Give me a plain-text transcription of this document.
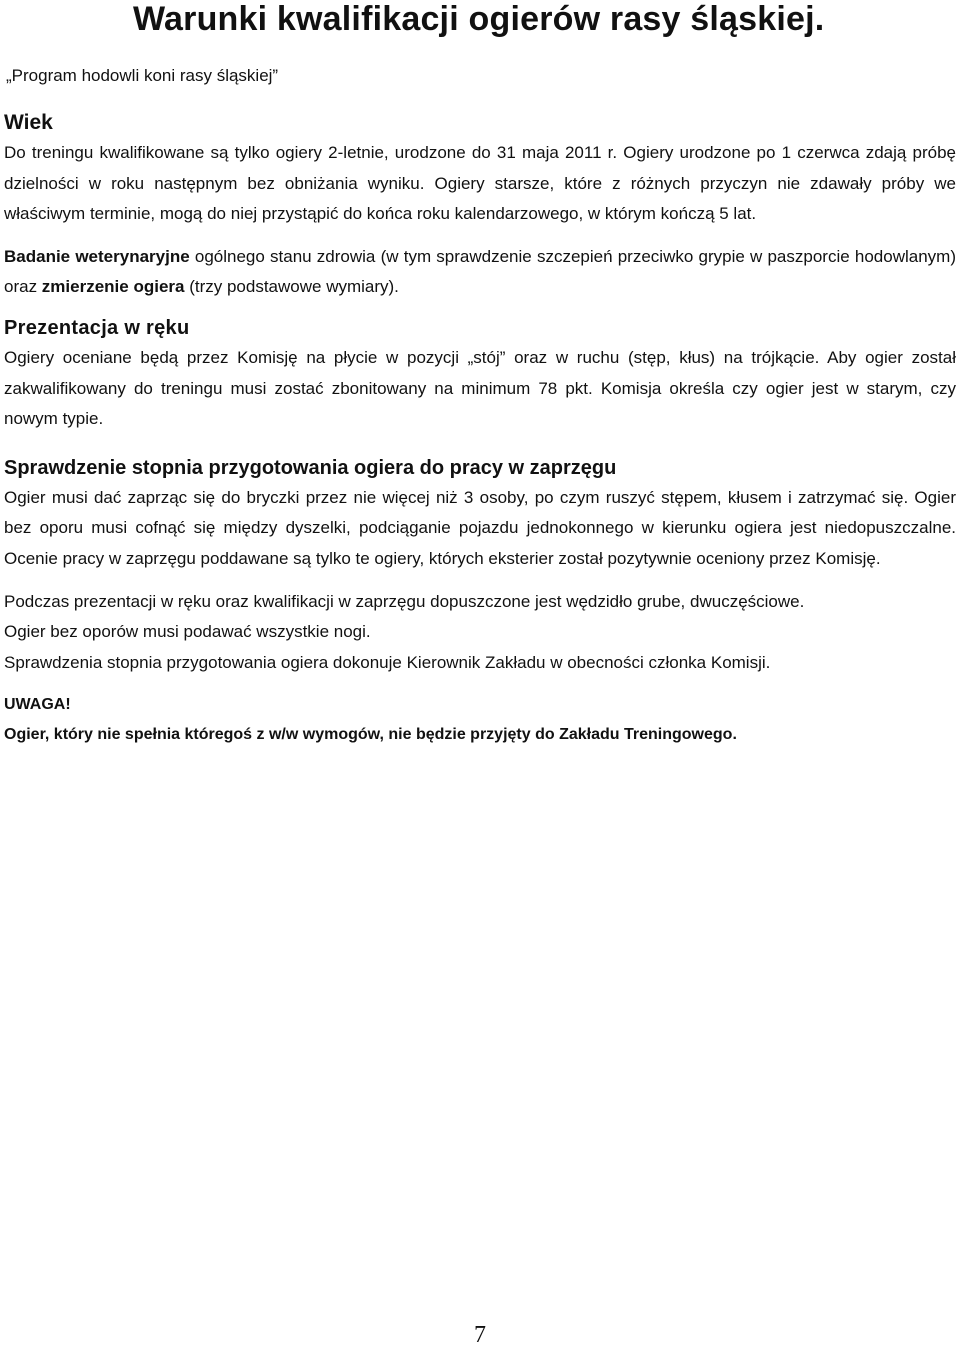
Warunki kwalifikacji ogierów rasy śląskiej.
„Program hodowli koni rasy śląskiej”
Wiek

Do treningu kwalifikowane są tylko ogiery 2-letnie, urodzone do 31 maja 2011 r. Ogiery urodzone po 1 czerwca zdają próbę dzielności w roku następnym bez obniżania wyniku. Ogiery starsze, które z różnych przyczyn nie zdawały próby we właściwym terminie, mogą do niej przystąpić do końca roku kalendarzowego, w którym kończą 5 lat.

Badanie weterynaryjne ogólnego stanu zdrowia (w tym sprawdzenie szczepień przeciwko grypie w paszporcie hodowlanym) oraz zmierzenie ogiera (trzy podstawowe wymiary).

Prezentacja w ręku

Ogiery oceniane będą przez Komisję na płycie w pozycji „stój” oraz w ruchu (stęp, kłus) na trójkącie. Aby ogier został zakwalifikowany do treningu musi zostać zbonitowany na minimum 78 pkt. Komisja określa czy ogier jest w starym, czy nowym typie.

Sprawdzenie stopnia przygotowania ogiera do pracy w zaprzęgu

Ogier musi dać zaprząc się do bryczki przez nie więcej niż 3 osoby, po czym ruszyć stępem, kłusem i zatrzymać się. Ogier bez oporu musi cofnąć się między dyszelki, podciąganie pojazdu jednokonnego w kierunku ogiera jest niedopuszczalne. Ocenie pracy w zaprzęgu poddawane są tylko te ogiery, których eksterier został pozytywnie oceniony przez Komisję.

Podczas prezentacji w ręku oraz kwalifikacji w zaprzęgu dopuszczone jest wędzidło grube, dwuczęściowe.

Ogier bez oporów musi podawać wszystkie nogi.

Sprawdzenia stopnia przygotowania ogiera dokonuje Kierownik Zakładu w obecności członka Komisji.

UWAGA!

Ogier, który nie spełnia któregoś z w/w wymogów, nie będzie przyjęty do Zakładu Treningowego.

7
